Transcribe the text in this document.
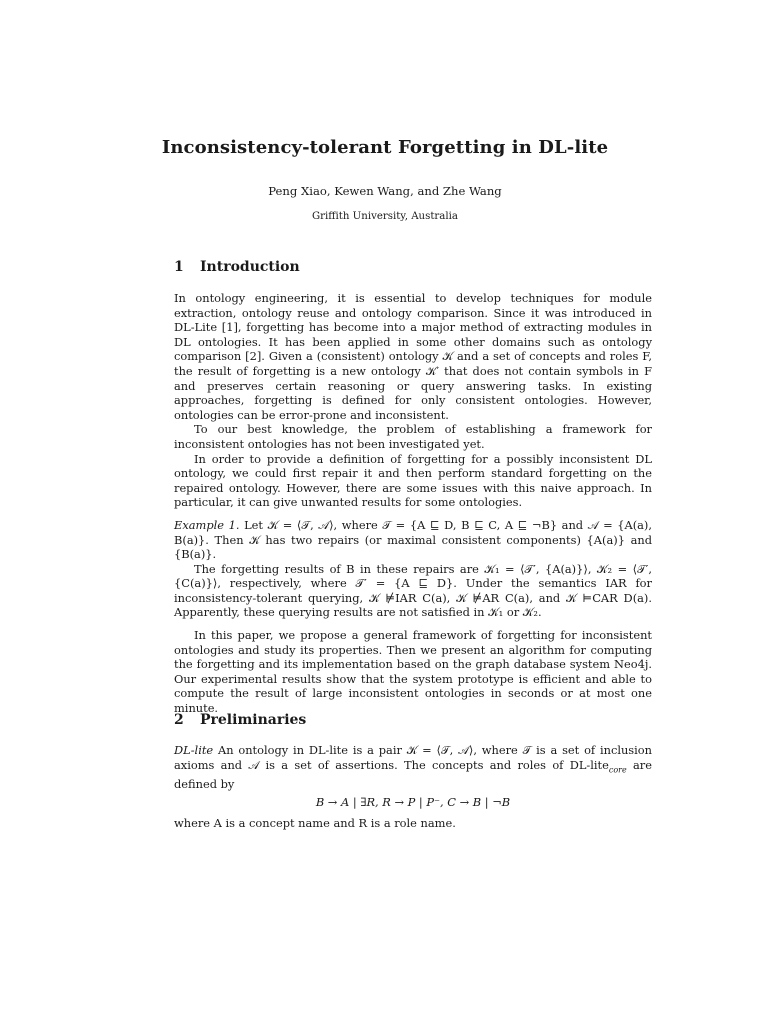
Inconsistency-tolerant Forgetting in DL-lite
Peng Xiao, Kewen Wang, and Zhe Wang
Griffith University, Australia
1 Introduction

In ontology engineering, it is essential to develop techniques for module extraction, ontology reuse and ontology comparison. Since it was introduced in DL-Lite [1], forgetting has become into a major method of extracting modules in DL ontologies. It has been applied in some other domains such as ontology comparison [2]. Given a (consistent) ontology 𝒦 and a set of concepts and roles F, the result of forgetting is a new ontology 𝒦′ that does not contain symbols in F and preserves certain reasoning or query answering tasks. In existing approaches, forgetting is defined for only consistent ontologies. However, ontologies can be error-prone and inconsistent.

To our best knowledge, the problem of establishing a framework for inconsistent ontologies has not been investigated yet.

In order to provide a definition of forgetting for a possibly inconsistent DL ontology, we could first repair it and then perform standard forgetting on the repaired ontology. However, there are some issues with this naive approach. In particular, it can give unwanted results for some ontologies.

Example 1. Let 𝒦 = ⟨𝒯, 𝒜⟩, where 𝒯 = {A ⊑ D, B ⊑ C, A ⊑ ¬B} and 𝒜 = {A(a), B(a)}. Then 𝒦 has two repairs (or maximal consistent components) {A(a)} and {B(a)}.

The forgetting results of B in these repairs are 𝒦₁ = ⟨𝒯′, {A(a)}⟩, 𝒦₂ = ⟨𝒯′, {C(a)}⟩, respectively, where 𝒯′ = {A ⊑ D}. Under the semantics IAR for inconsistency-tolerant querying, 𝒦 ⊭IAR C(a), 𝒦 ⊭AR C(a), and 𝒦 ⊨CAR D(a). Apparently, these querying results are not satisfied in 𝒦₁ or 𝒦₂.

In this paper, we propose a general framework of forgetting for inconsistent ontologies and study its properties. Then we present an algorithm for computing the forgetting and its implementation based on the graph database system Neo4j. Our experimental results show that the system prototype is efficient and able to compute the result of large inconsistent ontologies in seconds or at most one minute.

2 Preliminaries

DL-lite An ontology in DL-lite is a pair 𝒦 = ⟨𝒯, 𝒜⟩, where 𝒯 is a set of inclusion axioms and 𝒜 is a set of assertions. The concepts and roles of DL-lite$_{core}$ are defined by

B → A | ∃R, R → P | P⁻, C → B | ¬B

where A is a concept name and R is a role name.
